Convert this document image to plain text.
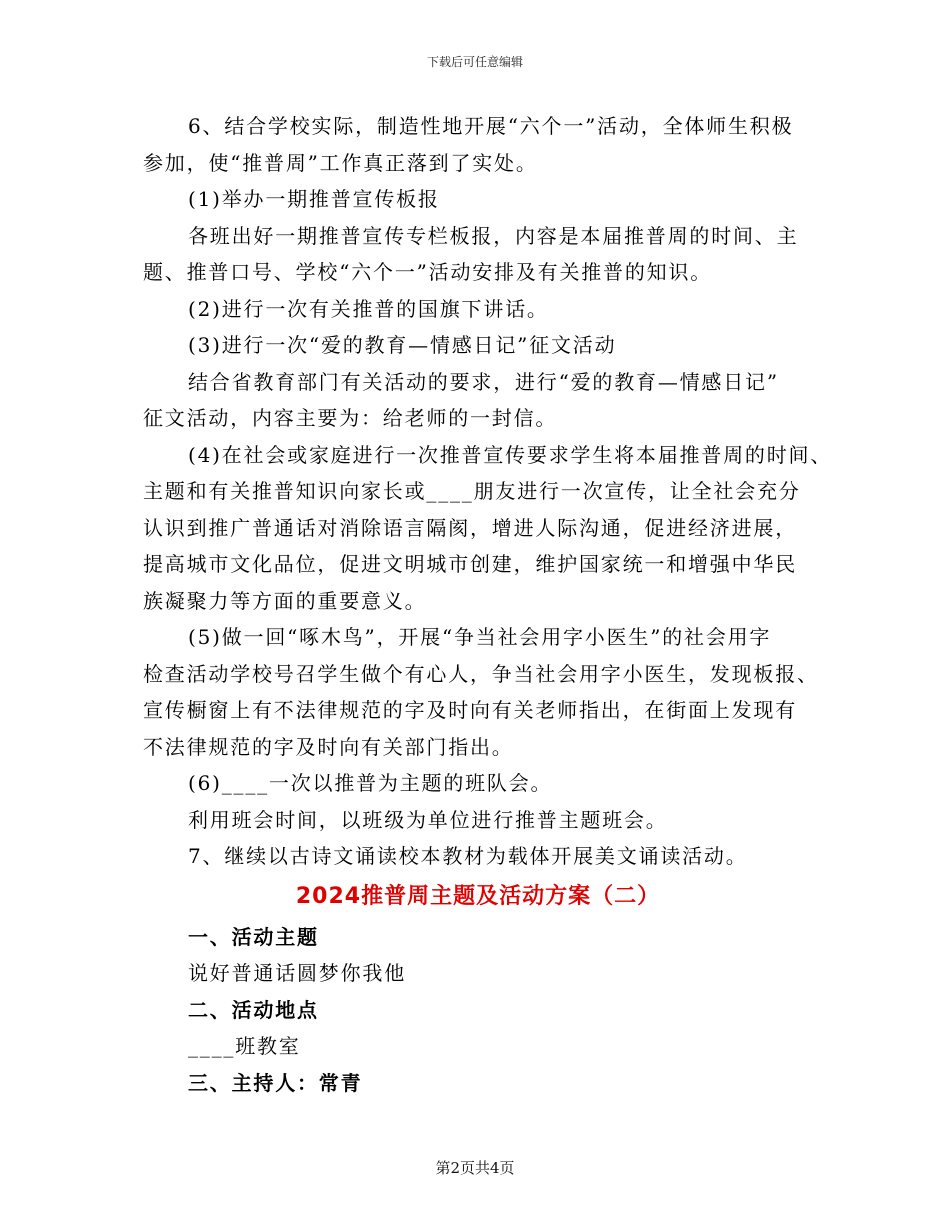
下载后可任意编辑
6、结合学校实际，制造性地开展“六个一”活动，全体师生积极
参加，使“推普周”工作真正落到了实处。
(1)举办一期推普宣传板报
各班出好一期推普宣传专栏板报，内容是本届推普周的时间、主
题、推普口号、学校“六个一”活动安排及有关推普的知识。
(2)进行一次有关推普的国旗下讲话。
(3)进行一次“爱的教育—情感日记”征文活动
结合省教育部门有关活动的要求，进行“爱的教育—情感日记”
征文活动，内容主要为：给老师的一封信。
(4)在社会或家庭进行一次推普宣传要求学生将本届推普周的时间、
主题和有关推普知识向家长或____朋友进行一次宣传，让全社会充分
认识到推广普通话对消除语言隔阂，增进人际沟通，促进经济进展，
提高城市文化品位，促进文明城市创建，维护国家统一和增强中华民
族凝聚力等方面的重要意义。
(5)做一回“啄木鸟”，开展“争当社会用字小医生”的社会用字
检查活动学校号召学生做个有心人，争当社会用字小医生，发现板报、
宣传橱窗上有不法律规范的字及时向有关老师指出，在街面上发现有
不法律规范的字及时向有关部门指出。
(6)____一次以推普为主题的班队会。
利用班会时间，以班级为单位进行推普主题班会。
7、继续以古诗文诵读校本教材为载体开展美文诵读活动。
2024推普周主题及活动方案（二）
一、活动主题
说好普通话圆梦你我他
二、活动地点
____班教室
三、主持人：常青
第2页共4页
